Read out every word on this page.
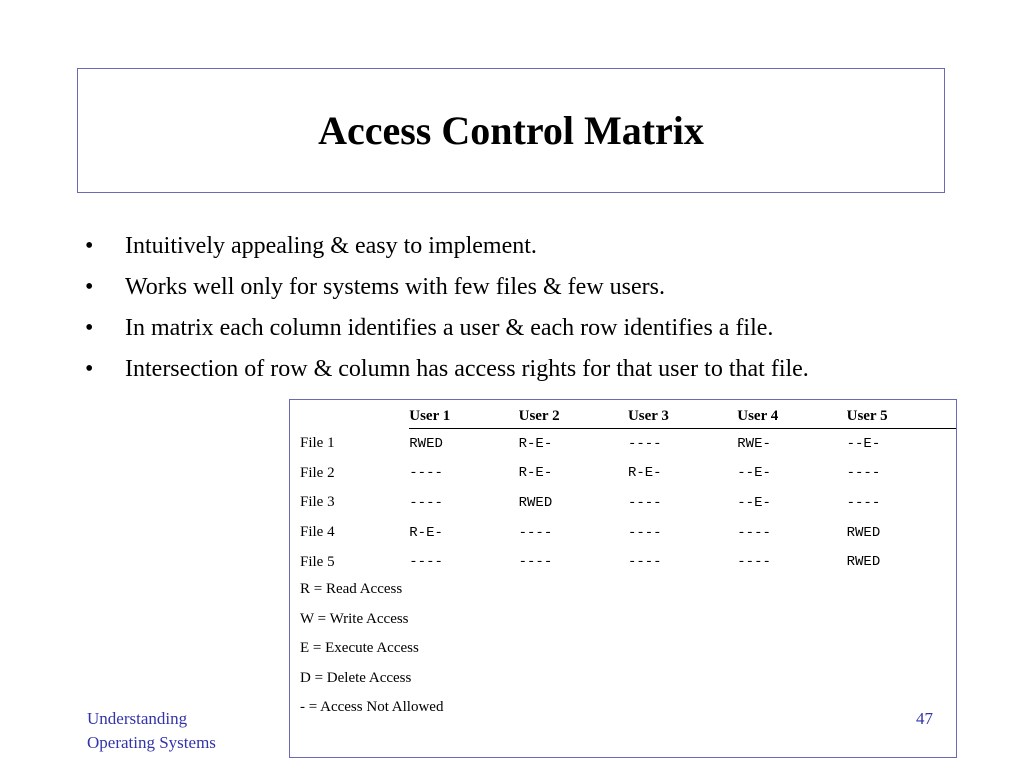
Access Control Matrix
•	Intuitively appealing & easy to implement.
•	Works well only for systems with few files & few users.
•	In matrix each column identifies a user & each row identifies a file.
•	Intersection of row & column has access rights for that user to that file.
	User 1	User 2	User 3	User 4	User 5
File 1	RWED	R-E-	----	RWE-	--E-
File 2	----	R-E-	R-E-	--E-	----
File 3	----	RWED	----	--E-	----
File 4	R-E-	----	----	----	RWED
File 5	----	----	----	----	RWED
R = Read Access
W = Write Access
E = Execute Access
D = Delete Access
- = Access Not Allowed
Understanding
Operating Systems
47
